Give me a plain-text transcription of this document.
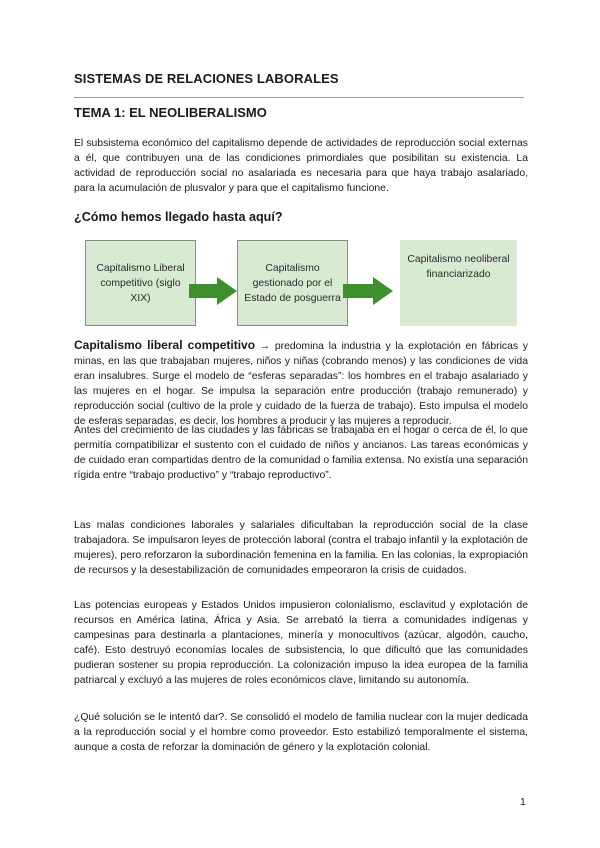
SISTEMAS DE RELACIONES LABORALES
TEMA 1: EL NEOLIBERALISMO
El subsistema económico del capitalismo depende de actividades de reproducción social externas a él, que contribuyen una de las condiciones primordiales que posibilitan su existencia. La actividad de reproducción social no asalariada es necesaria para que haya trabajo asalariado, para la acumulación de plusvalor y para que el capitalismo funcione.
¿Cómo hemos llegado hasta aquí?
Capitalismo Liberal competitivo (siglo XIX)
Capitalismo gestionado por el Estado de posguerra
Capitalismo neoliberal financiarizado
Capitalismo liberal competitivo → predomina la industria y la explotación en fábricas y minas, en las que trabajaban mujeres, niños y niñas (cobrando menos) y las condiciones de vida eran insalubres. Surge el modelo de “esferas separadas”: los hombres en el trabajo asalariado y las mujeres en el hogar. Se impulsa la separación entre producción (trabajo remunerado) y reproducción social (cultivo de la prole y cuidado de la fuerza de trabajo). Esto impulsa el modelo de esferas separadas, es decir, los hombres a producir y las mujeres a reproducir.
Antes del crecimiento de las ciudades y las fábricas se trabajaba en el hogar o cerca de él, lo que permitía compatibilizar el sustento con el cuidado de niños y ancianos. Las tareas económicas y de cuidado eran compartidas dentro de la comunidad o familia extensa. No existía una separación rígida entre “trabajo productivo” y “trabajo reproductivo”.
Las malas condiciones laborales y salariales dificultaban la reproducción social de la clase trabajadora. Se impulsaron leyes de protección laboral (contra el trabajo infantil y la explotación de mujeres), pero reforzaron la subordinación femenina en la familia. En las colonias, la expropiación de recursos y la desestabilización de comunidades empeoraron la crisis de cuidados.
Las potencias europeas y Estados Unidos impusieron colonialismo, esclavitud y explotación de recursos en América latina, África y Asia. Se arrebató la tierra a comunidades indígenas y campesinas para destinarla a plantaciones, minería y monocultivos (azúcar, algodón, caucho, café). Esto destruyó economías locales de subsistencia, lo que dificultó que las comunidades pudieran sostener su propia reproducción. La colonización impuso la idea europea de la familia patriarcal y excluyó a las mujeres de roles económicos clave, limitando su autonomía.
¿Qué solución se le intentó dar?. Se consolidó el modelo de familia nuclear con la mujer dedicada a la reproducción social y el hombre como proveedor. Esto estabilizó temporalmente el sistema, aunque a costa de reforzar la dominación de género y la explotación colonial.
1
